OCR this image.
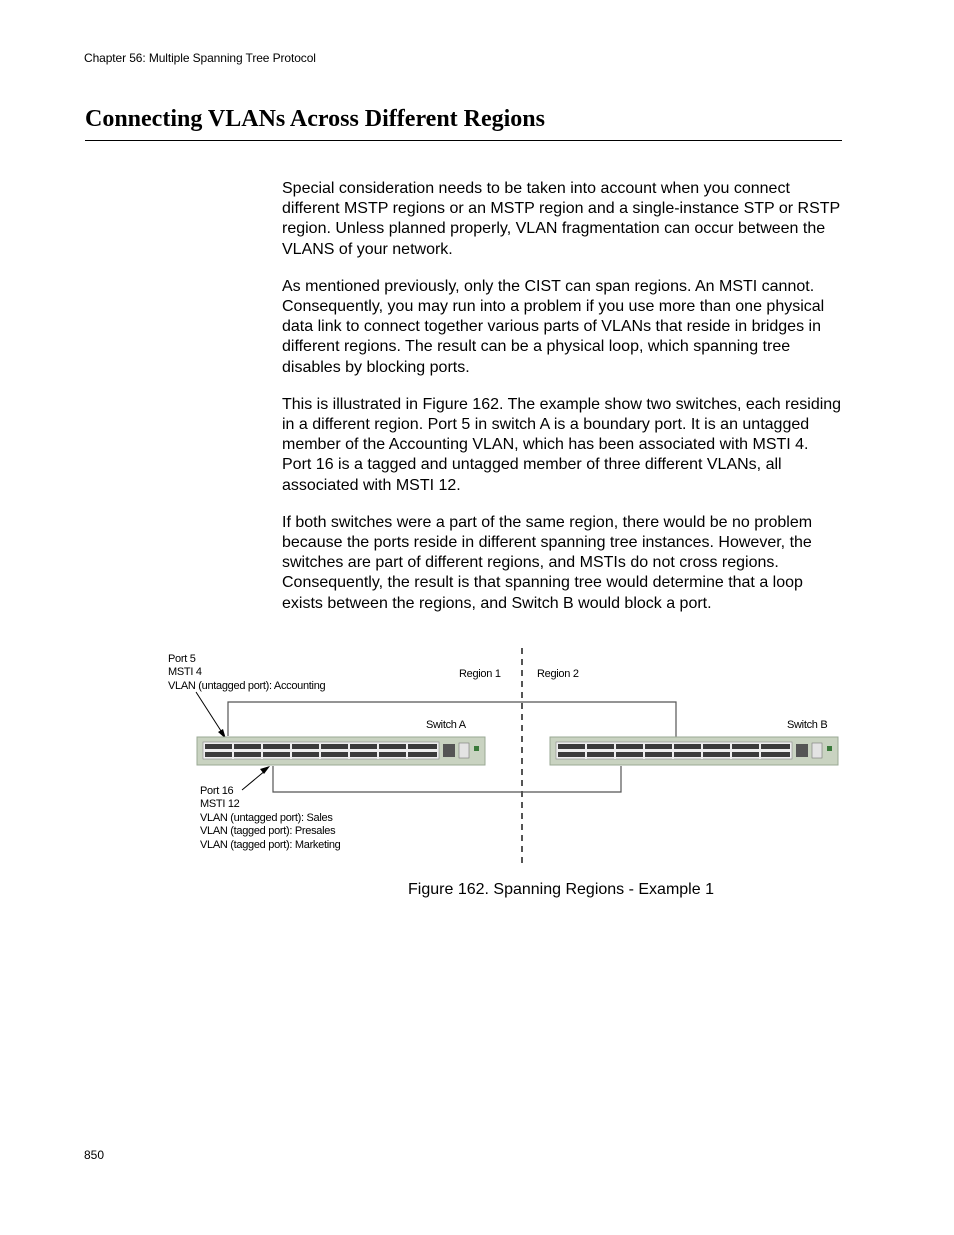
Chapter 56: Multiple Spanning Tree Protocol
Connecting VLANs Across Different Regions

Special consideration needs to be taken into account when you connect different MSTP regions or an MSTP region and a single-instance STP or RSTP region. Unless planned properly, VLAN fragmentation can occur between the VLANS of your network.

As mentioned previously, only the CIST can span regions. An MSTI cannot. Consequently, you may run into a problem if you use more than one physical data link to connect together various parts of VLANs that reside in bridges in different regions. The result can be a physical loop, which spanning tree disables by blocking ports.

This is illustrated in Figure 162. The example show two switches, each residing in a different region. Port 5 in switch A is a boundary port. It is an untagged member of the Accounting VLAN, which has been associated with MSTI 4. Port 16 is a tagged and untagged member of three different VLANs, all associated with MSTI 12.

If both switches were a part of the same region, there would be no problem because the ports reside in different spanning tree instances. However, the switches are part of different regions, and MSTIs do not cross regions. Consequently, the result is that spanning tree would determine that a loop exists between the regions, and Switch B would block a port.

Port 5
MSTI 4
VLAN (untagged port): Accounting
Region 1	Region 2
Switch A	Switch B
Port 16
MSTI 12
VLAN (untagged port): Sales
VLAN (tagged port): Presales
VLAN (tagged port): Marketing
Figure 162. Spanning Regions - Example 1
850
